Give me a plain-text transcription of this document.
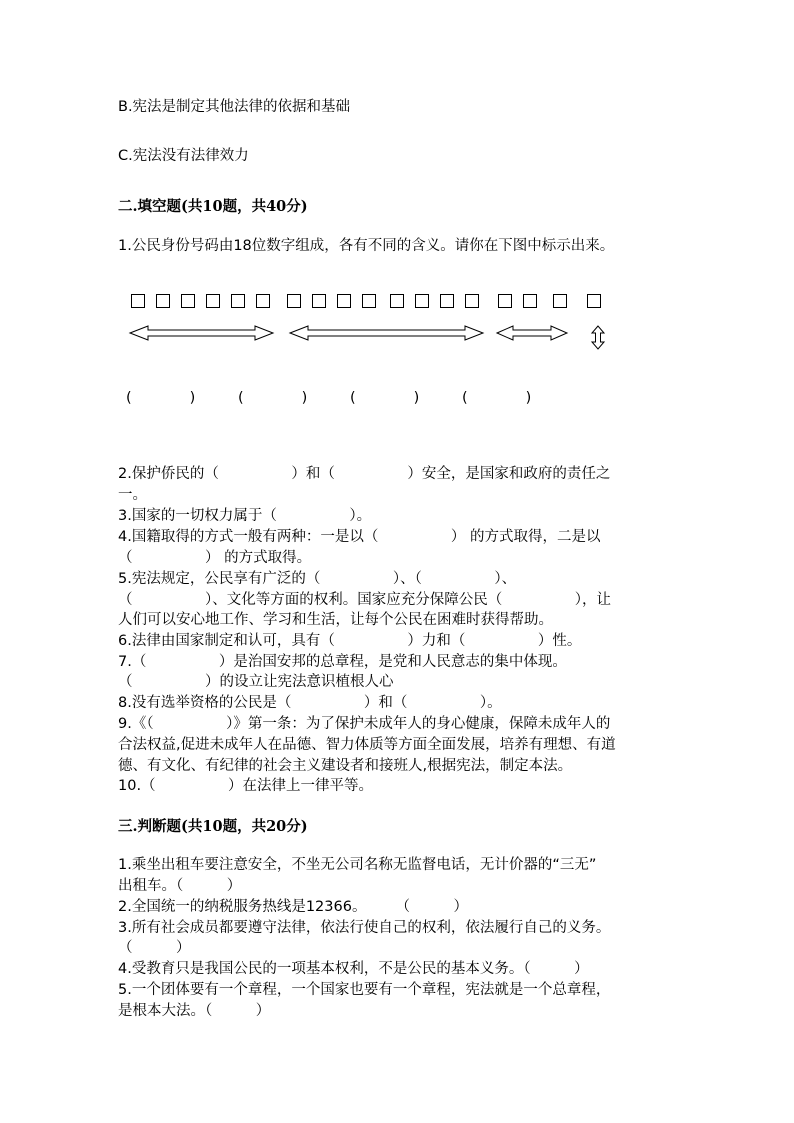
B.宪法是制定其他法律的依据和基础
C.宪法没有法律效力
二.填空题(共10题，共40分)
1.公民身份号码由18位数字组成，各有不同的含义。请你在下图中标示出来。
(　　　　)	(　　　　)	(　　　　)	(　　　　)
2.保护侨民的（　　　　　）和（　　　　　）安全，是国家和政府的责任之
一。
3.国家的一切权力属于（　　　　　）。
4.国籍取得的方式一般有两种：一是以（　　　　　） 的方式取得，二是以
（　　　　　） 的方式取得。
5.宪法规定，公民享有广泛的（　　　　　）、（　　　　　）、
（　　　　　）、文化等方面的权利。国家应充分保障公民（　　　　　），让
人们可以安心地工作、学习和生活，让每个公民在困难时获得帮助。
6.法律由国家制定和认可，具有（　　　　　）力和（　　　　　）性。
7.（　　　　　）是治国安邦的总章程，是党和人民意志的集中体现。
（　　　　　）的设立让宪法意识植根人心
8.没有选举资格的公民是（　　　　　）和（　　　　　）。
9.《（　　　　　）》第一条：为了保护未成年人的身心健康，保障未成年人的
合法权益,促进未成年人在品德、智力体质等方面全面发展，培养有理想、有道
德、有文化、有纪律的社会主义建设者和接班人,根据宪法，制定本法。
10.（　　　　　）在法律上一律平等。
三.判断题(共10题，共20分)
1.乘坐出租车要注意安全，不坐无公司名称无监督电话，无计价器的“三无”
出租车。（　　　）
2.全国统一的纳税服务热线是12366。　　　（　　　）
3.所有社会成员都要遵守法律，依法行使自己的权利，依法履行自己的义务。
（　　　）
4.受教育只是我国公民的一项基本权利，不是公民的基本义务。（　　　）
5.一个团体要有一个章程，一个国家也要有一个章程，宪法就是一个总章程，
是根本大法。（　　　）
